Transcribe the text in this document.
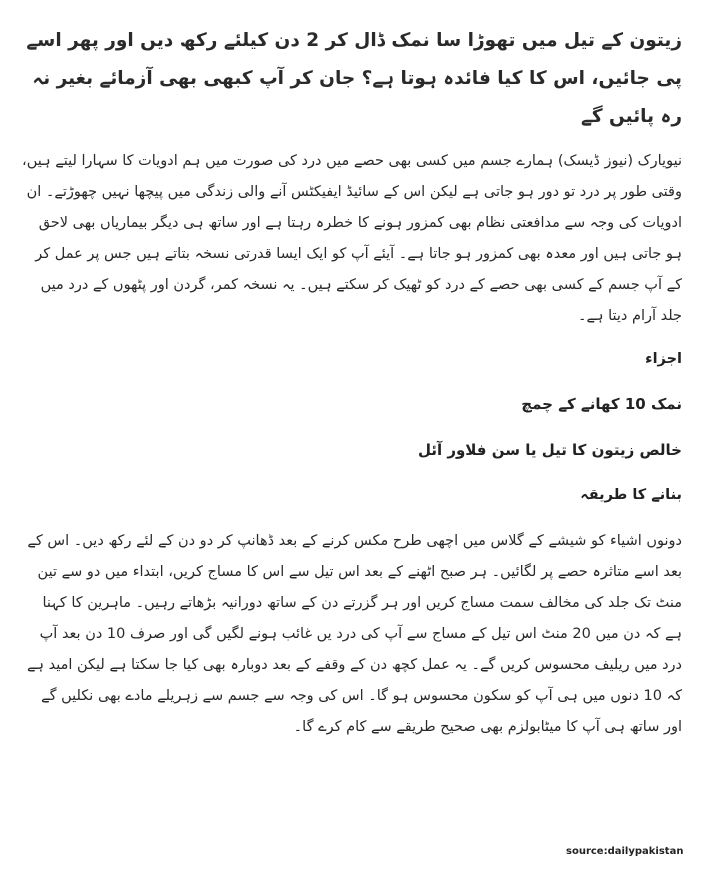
زیتون کے تیل میں تھوڑا سا نمک ڈال کر 2 دن کیلئے رکھ دیں اور پھر اسے پی جائیں، اس کا کیا فائدہ ہوتا ہے؟ جان کر آپ کبھی بھی آزمائے بغیر نہ رہ پائیں گے

نیویارک (نیوز ڈیسک) ہمارے جسم میں کسی بھی حصے میں درد کی صورت میں ہم ادویات کا سہارا لیتے ہیں، وقتی طور پر درد تو دور ہو جاتی ہے لیکن اس کے سائیڈ ایفیکٹس آنے والی زندگی میں پیچھا نہیں چھوڑتے۔ ان ادویات کی وجہ سے مدافعتی نظام بھی کمزور ہونے کا خطرہ رہتا ہے اور ساتھ ہی دیگر بیماریاں بھی لاحق ہو جاتی ہیں اور معدہ بھی کمزور ہو جاتا ہے۔ آیئے آپ کو ایک ایسا قدرتی نسخہ بتاتے ہیں جس پر عمل کر کے آپ جسم کے کسی بھی حصے کے درد کو ٹھیک کر سکتے ہیں۔ یہ نسخہ کمر، گردن اور پٹھوں کے درد میں جلد آرام دیتا ہے۔

اجزاء

نمک 10 کھانے کے چمچ

خالص زیتون کا تیل یا سن فلاور آئل

بنانے کا طریقہ

دونوں اشیاء کو شیشے کے گلاس میں اچھی طرح مکس کرنے کے بعد ڈھانپ کر دو دن کے لئے رکھ دیں۔ اس کے بعد اسے متاثرہ حصے پر لگائیں۔ ہر صبح اٹھنے کے بعد اس تیل سے اس کا مساج کریں، ابتداء میں دو سے تین منٹ تک جلد کی مخالف سمت مساج کریں اور ہر گزرتے دن کے ساتھ دورانیہ بڑھاتے رہیں۔ ماہرین کا کہنا ہے کہ دن میں 20 منٹ اس تیل کے مساج سے آپ کی درد یں غائب ہونے لگیں گی اور صرف 10 دن بعد آپ درد میں ریلیف محسوس کریں گے۔ یہ عمل کچھ دن کے وقفے کے بعد دوبارہ بھی کیا جا سکتا ہے لیکن امید ہے کہ 10 دنوں میں ہی آپ کو سکون محسوس ہو گا۔ اس کی وجہ سے جسم سے زہریلے مادے بھی نکلیں گے اور ساتھ ہی آپ کا میٹابولزم بھی صحیح طریقے سے کام کرے گا۔

source:dailypakistan
